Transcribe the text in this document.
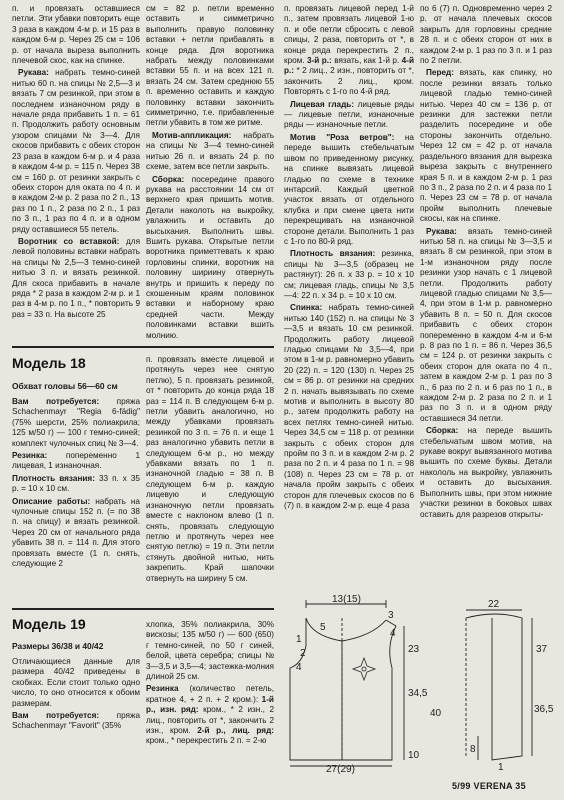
п. и провязать оставшиеся петли. Эти убавки повторить еще 3 раза в каждом 4-м р. и 15 раз в каждом 6-м р. Через 25 см = 106 р. от начала выреза выполнить плечевой скос, как на спинке.

Рукава: набрать темно-синей нитью 60 п. на спицы № 2,5—3 и вязать 7 см резинкой, при этом в последнем изнаночном ряду в начале ряда прибавить 1 п. = 61 п. Продолжить работу основным узором спицами № 3—4. Для скосов прибавить с обеих сторон 23 раза в каждом 6-м р. и 4 раза в каждом 4-м р. = 115 п. Через 38 см = 160 р. от резинки закрыть с обеих сторон для оката по 4 п. и в каждом 2-м р. 2 раза по 2 п., 13 раз по 1 п., 2 раза по 2 п., 1 раз по 3 п., 1 раз по 4 п. и в одном ряду оставшиеся 55 петель.

Воротник со вставкой: для левой половины вставки набрать на спицы № 2,5—3 темно-синей нитью 3 п. и вязать резинкой. Для скоса прибавить в начале ряда * 2 раза в каждом 2-м р. и 1 раз в 4-м р. по 1 п., * повторить 9 раз = 33 п. На высоте 25

см = 82 р. петли временно оставить и симметрично выполнить правую половинку вставки + петли прибавлять в конце ряда. Для воротника набрать между половинками вставки 55 п. и на всех 121 п. вязать 24 см. Затем среднюю 55 п. временно оставить и каждую половинку вставки закончить симметрично, т.е. прибавленные петли убавить в том же ритме.

Мотив-аппликация: набрать на спицы № 3—4 темно-синей нитью 26 п. и вязать 24 р. по схеме, затем все петли закрыть.

Сборка: посередине правого рукава на расстоянии 14 см от верхнего края пришить мотив. Детали наколоть на выкройку, увлажнить и оставить до высыхания. Выполнить швы. Вшить рукава. Открытые петли воротника приметтевать к краю горловины спинки, воротник на половину шириину отвернуть внутрь и пришить к переду по скошенным краям половинок вставки и наборному краю средней части. Между половинками вставки вшить молнию.

Модель 18
Обхват головы 56—60 см

Вам потребуется: пряжа Schachenmayr "Regia 6-fädig" (75% шерсти, 25% полиакрила; 125 м/50 г) — 100 г темно-синей; комплект чулочных спиц № 3—4.

Резинка: попеременно 1 лицевая, 1 изнаночная.

Плотность вязания: 33 п. х 35 р. = 10 х 10 см.

Описание работы: набрать на чулочные спицы 152 п. (= по 38 п. на спицу) и вязать резинкой. Через 20 см от начального ряда убавить 38 п. = 114 п. Для этого провязать вместе (1 п. снять, следующие 2

п. провязать вместе лицевой и протянуть через нее снятую петлю), 5 п. провязать резинкой, от * повторить до конца ряда 18 раз = 114 п. В следующем 6-м р. петли убавить аналогично, но между убавками провязать резинкой по 3 п. = 76 п. и еще 1 раз аналогично убавить петли в следующем 6-м р., но между убавками вязать по 1 п. изнаночной гладью = 38 п. В следующем 6-м р. каждую лицевую и следующую изнаночную петли провязать вместе с наклоном влево (1 п. снять, провязать следующую петлю и протянуть через нее снятую петлю) = 19 п. Эти петли стянуть двойной нитью, нить закрепить. Край шапочки отвернуть на ширину 5 см.

Модель 19
Размеры 36/38 и 40/42

Отличающиеся данные для размера 40/42 приведены в скобках. Если стоит только одно число, то оно относится к обоим размерам.

Вам потребуется: пряжа Schachenmayr "Favorit" (35%

хлопка, 35% полиакрила, 30% вискозы; 135 м/50 г) — 600 (650) г темно-синей, по 50 г синей, белой, цвета серебра; спицы № 3—3,5 и 3,5—4; застежка-молния длиной 25 см.

Резинка (количество петель, кратное 4, + 2 п. + 2 кром.): 1-й р., изн. ряд: кром., * 2 изн., 2 лиц., повторить от *, закончить 2 изн., кром. 2-й р., лиц. ряд: кром., * перекрестить 2 п. = 2-ю

п. провязать лицевой перед 1-й п., затем провязать лицевой 1-ю п. и обе петли сбросить с левой спицы, 2 раза, повторить от *, в конце ряда перекрестить 2 п., кром. 3-й р.: вязать, как 1-й р. 4-й р.: * 2 лиц., 2 изн., повторить от *, закончить 2 лиц., кром. Повторять с 1-го по 4-й ряд.

Лицевая гладь: лицевые ряды — лицевые петли, изнаночные ряды — изнаночные петли.

Мотив "Роза ветров": на переде вышить стебельчатым швом по приведенному рисунку, на спинке вывязать лицевой гладью по схеме в технике интарсий. Каждый цветной участок вязать от отдельного клубка и при смене цвета нити перекрещивать на изнаночной стороне детали. Выполнить 1 раз с 1-го по 80-й ряд.

Плотность вязания: резинка, спицы № 3—3,5 (образец не растянут): 26 п. х 33 р. = 10 х 10 см; лицевая гладь, спицы № 3,5—4: 22 п. х 34 р. = 10 х 10 см.

Спинка: набрать темно-синей нитью 140 (152) п. на спицы № 3—3,5 и вязать 10 см резинкой. Продолжить работу лицевой гладью спицами № 3,5—4, при этом в 1-м р. равномерно убавить 20 (22) п. = 120 (130) п. Через 25 см = 86 р. от резинки на средних 2 п. начать вывязывать по схеме мотив и выполнить в высоту 80 р., затем продолжить работу на всех петлях темно-синей нитью. Через 34,5 см = 118 р. от резинки закрыть с обеих сторон для пройм по 3 п. и в каждом 2-м р. 2 раза по 2 п. и 4 раза по 1 п. = 98 (108) п. Через 23 см = 78 р. от начала пройм закрыть с обеих сторон для плечевых скосов по 6 (7) п. в каждом 2-м р. еще 4 раза

по 6 (7) п. Одновременно через 2 р. от начала плечевых скосов закрыть для горловины средние 28 п. и с обеих сторон от них в каждом 2-м р. 1 раз по 3 п. и 1 раз по 2 петли.

Перед: вязать, как спинку, но после резинки вязать только лицевой гладью темно-синей нитью. Через 40 см = 136 р. от резинки для застежки петли разделить посередине и обе стороны закончить отдельно. Через 12 см = 42 р. от начала раздельного вязания для вырезка выреза закрыть с внутреннего края 5 п. и в каждом 2-м р. 1 раз по 3 п., 2 раза по 2 п. и 4 раза по 1 п. Через 23 см = 78 р. от начала пройм выполнить плечевые скосы, как на спинке.

Рукава: вязать темно-синей нитью 58 п. на спицы № 3—3,5 и вязать 8 см резинкой, при этом в 1-м изнаночном ряду после резинки узор начать с 1 лицевой петли. Продолжить работу лицевой гладью спицами № 3,5—4, при этом в 1-м р. равномерно убавить 8 п. = 50 п. Для скосов прибавить с обеих сторон попеременно в каждом 4-м и 6-м р. 8 раз по 1 п. = 86 п. Через 36,5 см = 124 р. от резинки закрыть с обеих сторон для оката по 4 п., затем в каждом 2-м р. 1 раз по 3 п., 6 раз по 2 п. и 6 раз по 1 п., в каждом 2-м р. 2 раза по 2 п. и 1 раз по 3 п. и в одном ряду оставшиеся 34 петли.

Сборка: на переде вышить стебельчатым швом мотив, на рукаве вокруг вывязанного мотива вышить по схеме буквы. Детали накололь на выкройку, увлажнить и оставить до высыхания. Выполнить швы, при этом нижние участки резинки в боковых швах оставить для разрезов открыты-

13(15)
5
1
2
3
4
4
34,5
10
27(29)
23
40
22
37
36,5
8
1
5/99 VERENA 35
